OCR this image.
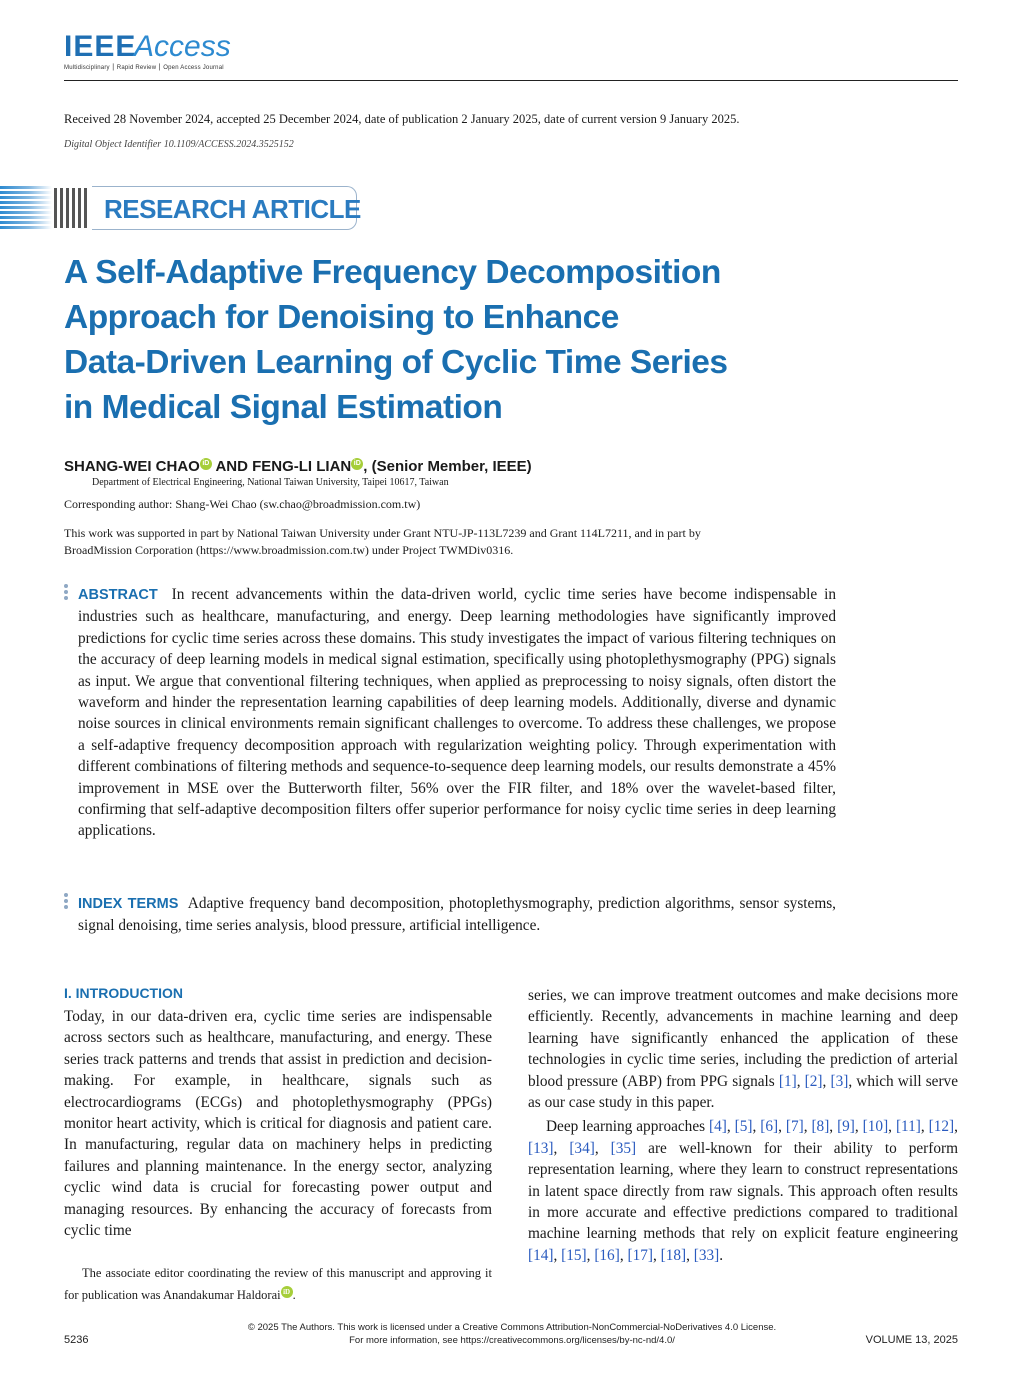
IEEE
Access
Multidisciplinary ⎮ Rapid Review ⎮ Open Access Journal
Received 28 November 2024, accepted 25 December 2024, date of publication 2 January 2025, date of current version 9 January 2025.
Digital Object Identifier 10.1109/ACCESS.2024.3525152
RESEARCH ARTICLE
A Self-Adaptive Frequency Decomposition
Approach for Denoising to Enhance
Data-Driven Learning of Cyclic Time Series
in Medical Signal Estimation
SHANG-WEI CHAO iD AND FENG-LI LIAN iD , (Senior Member, IEEE)
Department of Electrical Engineering, National Taiwan University, Taipei 10617, Taiwan
Corresponding author: Shang-Wei Chao (sw.chao@broadmission.com.tw)
This work was supported in part by National Taiwan University under Grant NTU-JP-113L7239 and Grant 114L7211, and in part by
BroadMission Corporation (https://www.broadmission.com.tw) under Project TWMDiv0316.
ABSTRACT In recent advancements within the data-driven world, cyclic time series have become indispensable in industries such as healthcare, manufacturing, and energy. Deep learning methodologies have significantly improved predictions for cyclic time series across these domains. This study investigates the impact of various filtering techniques on the accuracy of deep learning models in medical signal estimation, specifically using photoplethysmography (PPG) signals as input. We argue that conventional filtering techniques, when applied as preprocessing to noisy signals, often distort the waveform and hinder the representation learning capabilities of deep learning models. Additionally, diverse and dynamic noise sources in clinical environments remain significant challenges to overcome. To address these challenges, we propose a self-adaptive frequency decomposition approach with regularization weighting policy. Through experimentation with different combinations of filtering methods and sequence-to-sequence deep learning models, our results demonstrate a 45% improvement in MSE over the Butterworth filter, 56% over the FIR filter, and 18% over the wavelet-based filter, confirming that self-adaptive decomposition filters offer superior performance for noisy cyclic time series in deep learning applications.
INDEX TERMS Adaptive frequency band decomposition, photoplethysmography, prediction algorithms, sensor systems, signal denoising, time series analysis, blood pressure, artificial intelligence.
I. INTRODUCTION

Today, in our data-driven era, cyclic time series are indispensable across sectors such as healthcare, manufacturing, and energy. These series track patterns and trends that assist in prediction and decision-making. For example, in healthcare, signals such as electrocardiograms (ECGs) and photoplethysmography (PPGs) monitor heart activity, which is critical for diagnosis and patient care. In manufacturing, regular data on machinery helps in predicting failures and planning maintenance. In the energy sector, analyzing cyclic wind data is crucial for forecasting power output and managing resources. By enhancing the accuracy of forecasts from cyclic time

series, we can improve treatment outcomes and make decisions more efficiently. Recently, advancements in machine learning and deep learning have significantly enhanced the application of these technologies in cyclic time series, including the prediction of arterial blood pressure (ABP) from PPG signals [1], [2], [3], which will serve as our case study in this paper.

Deep learning approaches [4], [5], [6], [7], [8], [9], [10], [11], [12], [13], [34], [35] are well-known for their ability to perform representation learning, where they learn to construct representations in latent space directly from raw signals. This approach often results in more accurate and effective predictions compared to traditional machine learning methods that rely on explicit feature engineering [14], [15], [16], [17], [18], [33].

The associate editor coordinating the review of this manuscript and approving it for publication was Anandakumar Haldorai iD .
© 2025 The Authors. This work is licensed under a Creative Commons Attribution-NonCommercial-NoDerivatives 4.0 License.
For more information, see https://creativecommons.org/licenses/by-nc-nd/4.0/
5236	VOLUME 13, 2025
